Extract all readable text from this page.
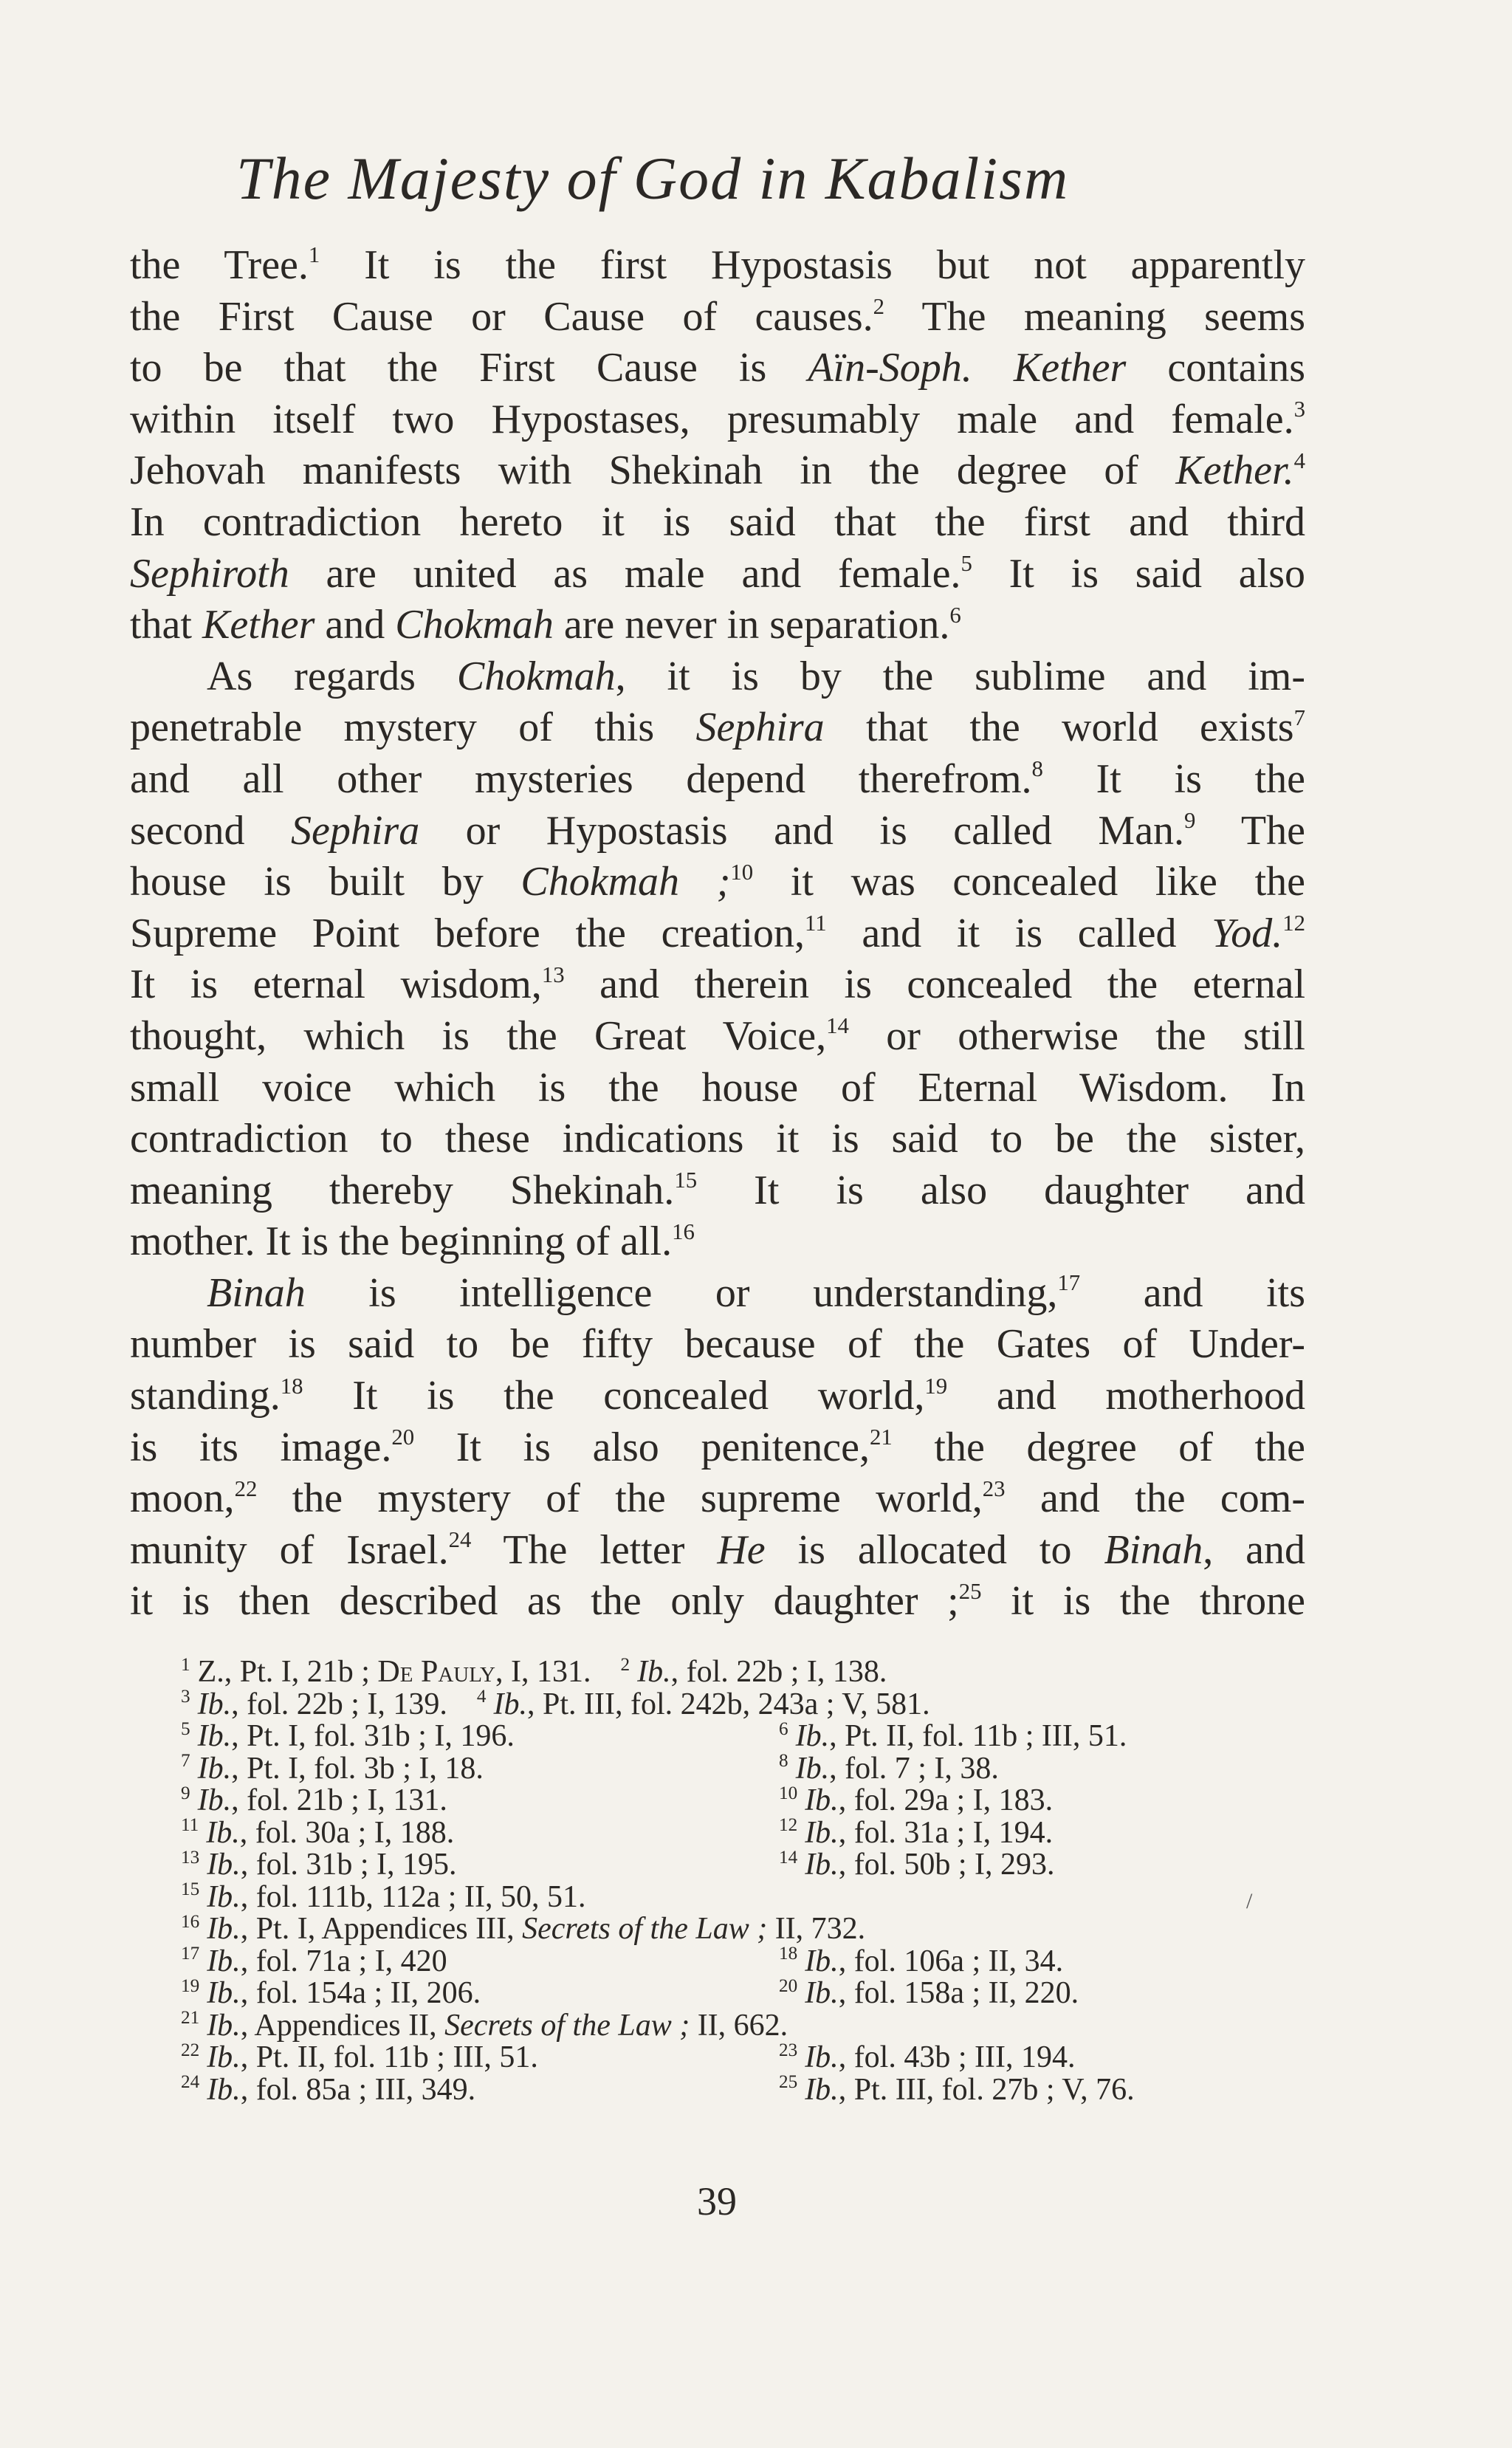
The Majesty of God in Kabalism
the Tree.$^1$ It is the first Hypostasis but not apparently
the First Cause or Cause of causes.$^2$ The meaning seems
to be that the First Cause is Aïn-Soph. Kether contains
within itself two Hypostases, presumably male and female.$^3$
Jehovah manifests with Shekinah in the degree of Kether.$^4$
In contradiction hereto it is said that the first and third
Sephiroth are united as male and female.$^5$ It is said also
that Kether and Chokmah are never in separation.$^6$
As regards Chokmah, it is by the sublime and im-
penetrable mystery of this Sephira that the world exists$^7$
and all other mysteries depend therefrom.$^8$ It is the
second Sephira or Hypostasis and is called Man.$^9$ The
house is built by Chokmah ;$^{10}$ it was concealed like the
Supreme Point before the creation,$^{11}$ and it is called Yod.$^{12}$
It is eternal wisdom,$^{13}$ and therein is concealed the eternal
thought, which is the Great Voice,$^{14}$ or otherwise the still
small voice which is the house of Eternal Wisdom. In
contradiction to these indications it is said to be the sister,
meaning thereby Shekinah.$^{15}$ It is also daughter and
mother. It is the beginning of all.$^{16}$
Binah is intelligence or understanding,$^{17}$ and its
number is said to be fifty because of the Gates of Under-
standing.$^{18}$ It is the concealed world,$^{19}$ and motherhood
is its image.$^{20}$ It is also penitence,$^{21}$ the degree of the
moon,$^{22}$ the mystery of the supreme world,$^{23}$ and the com-
munity of Israel.$^{24}$ The letter He is allocated to Binah, and
it is then described as the only daughter ;$^{25}$ it is the throne
$^1$ Z., Pt. I, 21b ; De Pauly, I, 131. $^2$ Ib., fol. 22b ; I, 138.
$^3$ Ib., fol. 22b ; I, 139. $^4$ Ib., Pt. III, fol. 242b, 243a ; V, 581.
$^5$ Ib., Pt. I, fol. 31b ; I, 196.	$^6$ Ib., Pt. II, fol. 11b ; III, 51.
$^7$ Ib., Pt. I, fol. 3b ; I, 18.	$^8$ Ib., fol. 7 ; I, 38.
$^9$ Ib., fol. 21b ; I, 131.	$^{10}$ Ib., fol. 29a ; I, 183.
$^{11}$ Ib., fol. 30a ; I, 188.	$^{12}$ Ib., fol. 31a ; I, 194.
$^{13}$ Ib., fol. 31b ; I, 195.	$^{14}$ Ib., fol. 50b ; I, 293.
$^{15}$ Ib., fol. 111b, 112a ; II, 50, 51.
$^{16}$ Ib., Pt. I, Appendices III, Secrets of the Law ; II, 732.
$^{17}$ Ib., fol. 71a ; I, 420	$^{18}$ Ib., fol. 106a ; II, 34.
$^{19}$ Ib., fol. 154a ; II, 206.	$^{20}$ Ib., fol. 158a ; II, 220.
$^{21}$ Ib., Appendices II, Secrets of the Law ; II, 662.
$^{22}$ Ib., Pt. II, fol. 11b ; III, 51.	$^{23}$ Ib., fol. 43b ; III, 194.
$^{24}$ Ib., fol. 85a ; III, 349.	$^{25}$ Ib., Pt. III, fol. 27b ; V, 76.
39
/
